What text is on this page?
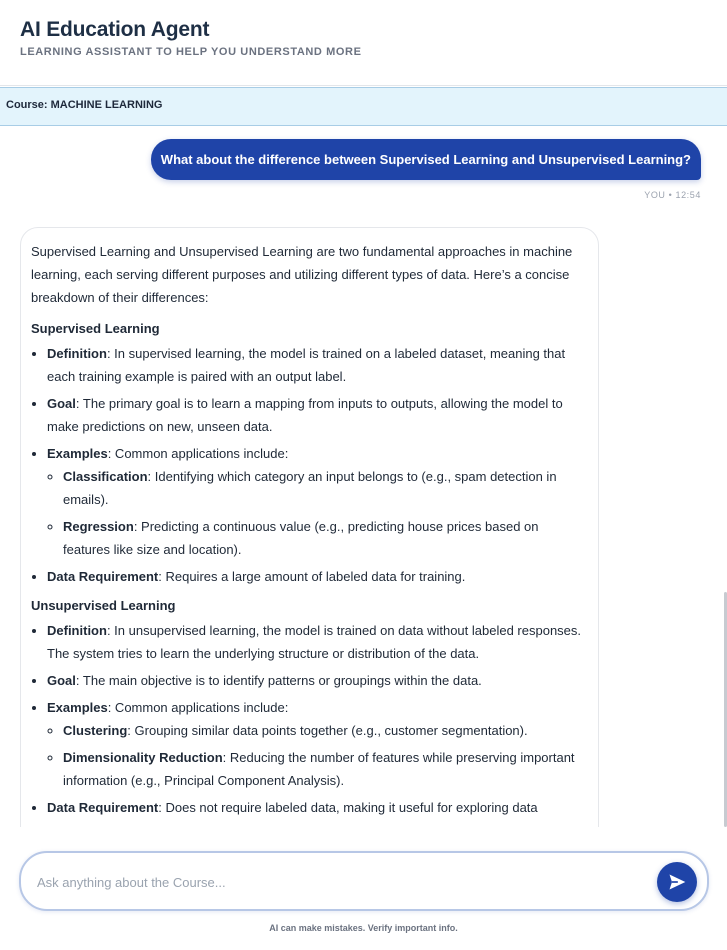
AI Education Agent
LEARNING ASSISTANT TO HELP YOU UNDERSTAND MORE
Course: MACHINE LEARNING
What about the difference between Supervised Learning and Unsupervised Learning?
YOU • 12:54

Supervised Learning and Unsupervised Learning are two fundamental approaches in machine learning, each serving different purposes and utilizing different types of data. Here’s a concise breakdown of their differences:

Supervised Learning
• Definition: In supervised learning, the model is trained on a labeled dataset, meaning that each training example is paired with an output label.
• Goal: The primary goal is to learn a mapping from inputs to outputs, allowing the model to make predictions on new, unseen data.
• Examples: Common applications include:
◦ Classification: Identifying which category an input belongs to (e.g., spam detection in emails).
◦ Regression: Predicting a continuous value (e.g., predicting house prices based on features like size and location).
• Data Requirement: Requires a large amount of labeled data for training.
Unsupervised Learning
• Definition: In unsupervised learning, the model is trained on data without labeled responses. The system tries to learn the underlying structure or distribution of the data.
• Goal: The main objective is to identify patterns or groupings within the data.
• Examples: Common applications include:
◦ Clustering: Grouping similar data points together (e.g., customer segmentation).
◦ Dimensionality Reduction: Reducing the number of features while preserving important information (e.g., Principal Component Analysis).
• Data Requirement: Does not require labeled data, making it useful for exploring data
Ask anything about the Course...
AI can make mistakes. Verify important info.
